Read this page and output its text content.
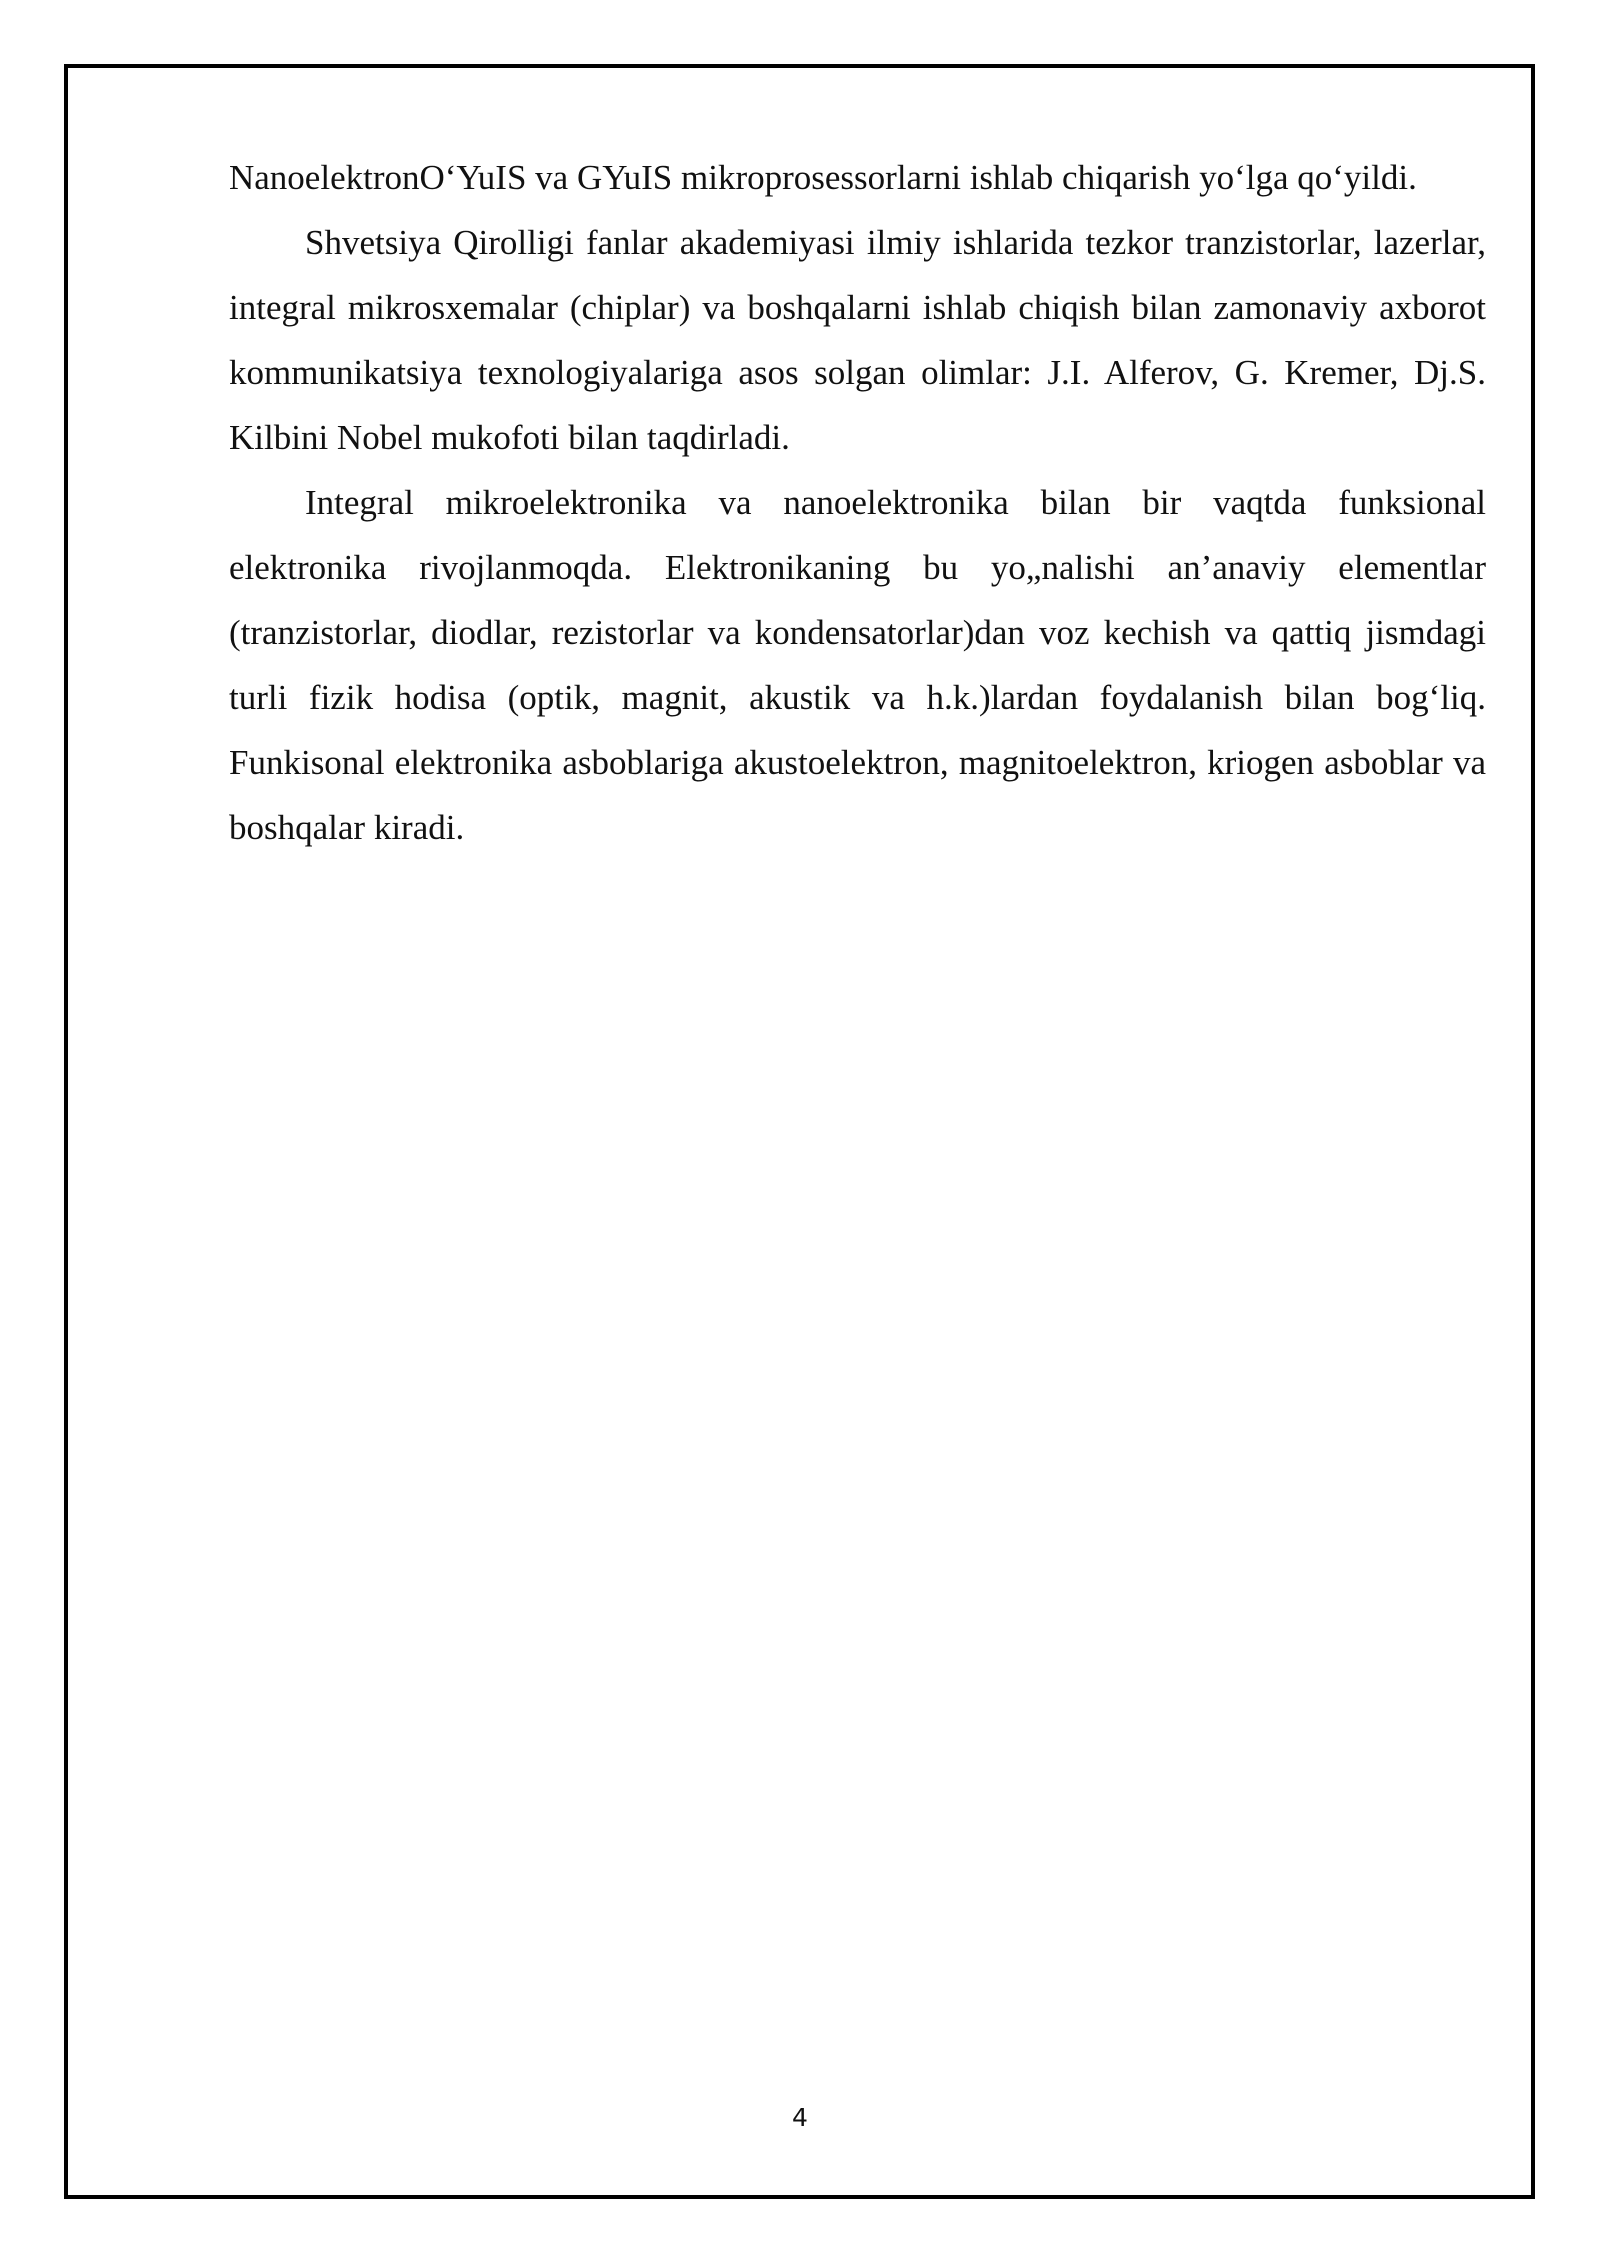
NanoelektronO‘YuIS va GYuIS mikroprosessorlarni ishlab chiqarish yo‘lga qo‘yildi.

Shvetsiya Qirolligi fanlar akademiyasi ilmiy ishlarida tezkor tranzistorlar, lazerlar, integral mikrosxemalar (chiplar) va boshqalarni ishlab chiqish bilan zamonaviy axborot kommunikatsiya texnologiyalariga asos solgan olimlar: J.I. Alferov, G. Kremer, Dj.S. Kilbini Nobel mukofoti bilan taqdirladi.

Integral mikroelektronika va nanoelektronika bilan bir vaqtda funksional elektronika rivojlanmoqda. Elektronikaning bu yo„nalishi an’anaviy elementlar (tranzistorlar, diodlar, rezistorlar va kondensatorlar)dan voz kechish va qattiq jismdagi turli fizik hodisa (optik, magnit, akustik va h.k.)lardan foydalanish bilan bog‘liq. Funkisonal elektronika asboblariga akustoelektron, magnitoelektron, kriogen asboblar va boshqalar kiradi.

4
